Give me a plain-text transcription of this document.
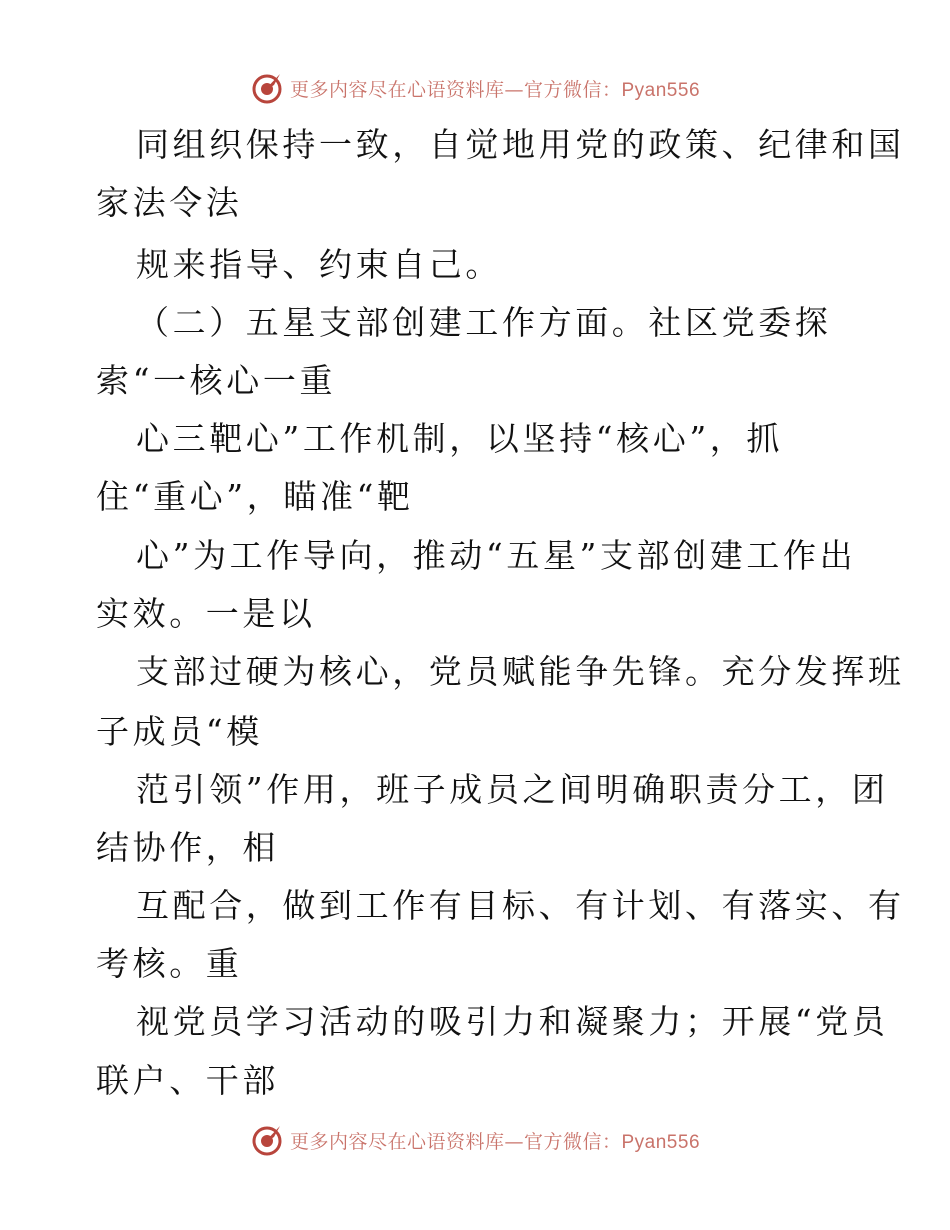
更多内容尽在心语资料库—官方微信：Pyan556
同组织保持一致，自觉地用党的政策、纪律和国
家法令法
规来指导、约束自己。
（二）五星支部创建工作方面。社区党委探
索“一核心一重
心三靶心”工作机制，以坚持“核心”，抓
住“重心”，瞄准“靶
心”为工作导向，推动“五星”支部创建工作出
实效。一是以
支部过硬为核心，党员赋能争先锋。充分发挥班
子成员“模
范引领”作用，班子成员之间明确职责分工，团
结协作，相
互配合，做到工作有目标、有计划、有落实、有
考核。重
视党员学习活动的吸引力和凝聚力；开展“党员
联户、干部
更多内容尽在心语资料库—官方微信：Pyan556
